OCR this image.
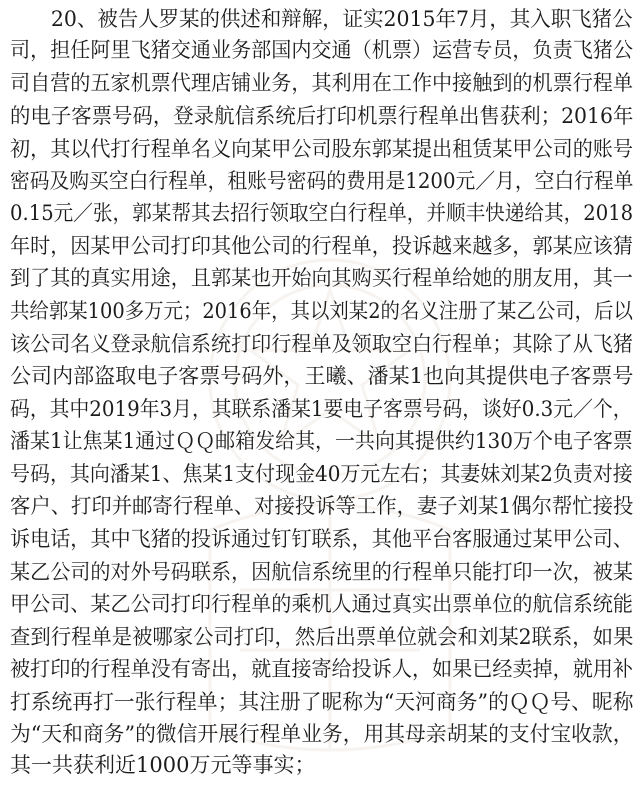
　　20、被告人罗某的供述和辩解，证实2015年7月，其入职飞猪公
司，担任阿里飞猪交通业务部国内交通（机票）运营专员，负责飞猪公
司自营的五家机票代理店铺业务，其利用在工作中接触到的机票行程单
的电子客票号码，登录航信系统后打印机票行程单出售获利；2016年
初，其以代打行程单名义向某甲公司股东郭某提出租赁某甲公司的账号
密码及购买空白行程单，租账号密码的费用是1200元／月，空白行程单
0.15元／张，郭某帮其去招行领取空白行程单，并顺丰快递给其，2018
年时，因某甲公司打印其他公司的行程单，投诉越来越多，郭某应该猜
到了其的真实用途，且郭某也开始向其购买行程单给她的朋友用，其一
共给郭某100多万元；2016年，其以刘某2的名义注册了某乙公司，后以
该公司名义登录航信系统打印行程单及领取空白行程单；其除了从飞猪
公司内部盗取电子客票号码外，王曦、潘某1也向其提供电子客票号
码，其中2019年3月，其联系潘某1要电子客票号码，谈好0.3元／个，
潘某1让焦某1通过ＱＱ邮箱发给其，一共向其提供约130万个电子客票
号码，其向潘某1、焦某1支付现金40万元左右；其妻妹刘某2负责对接
客户、打印并邮寄行程单、对接投诉等工作，妻子刘某1偶尔帮忙接投
诉电话，其中飞猪的投诉通过钉钉联系，其他平台客服通过某甲公司、
某乙公司的对外号码联系，因航信系统里的行程单只能打印一次，被某
甲公司、某乙公司打印行程单的乘机人通过真实出票单位的航信系统能
查到行程单是被哪家公司打印，然后出票单位就会和刘某2联系，如果
被打印的行程单没有寄出，就直接寄给投诉人，如果已经卖掉，就用补
打系统再打一张行程单；其注册了昵称为“天河商务”的ＱＱ号、昵称
为“天和商务”的微信开展行程单业务，用其母亲胡某的支付宝收款，
其一共获利近1000万元等事实；
